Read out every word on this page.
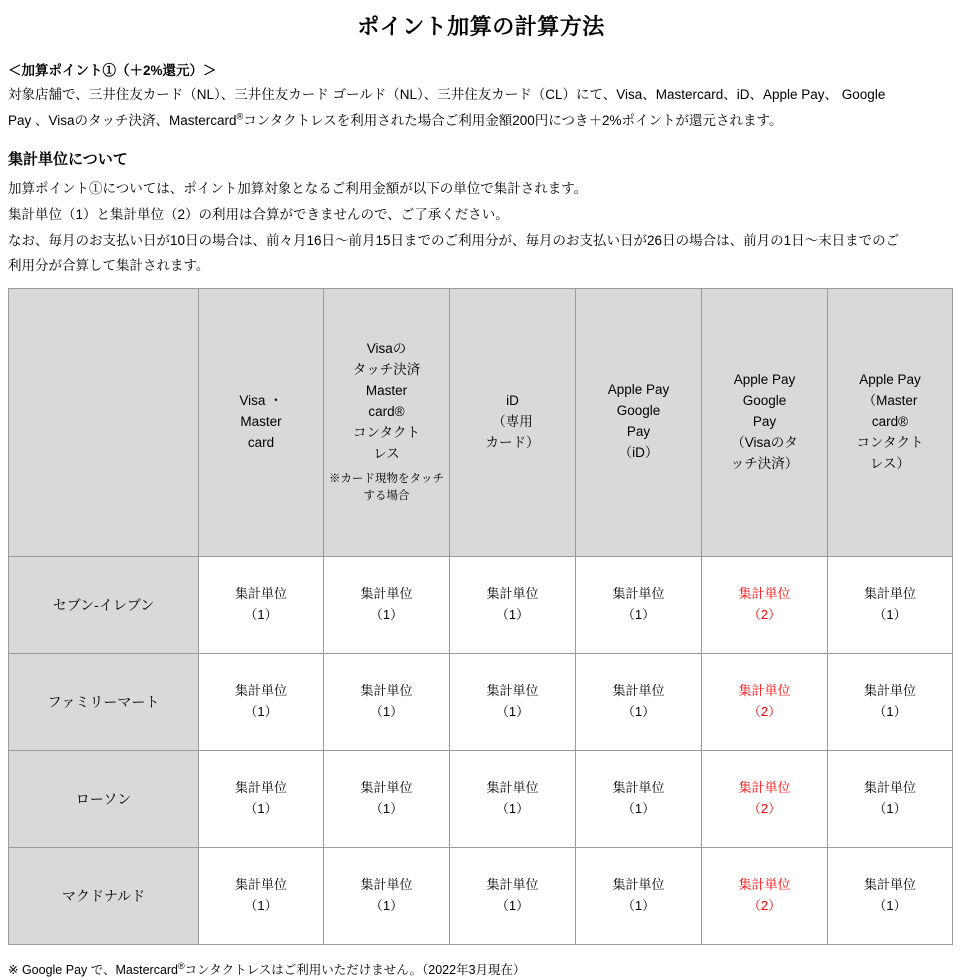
ポイント加算の計算方法
＜加算ポイント①（＋2%還元）＞
対象店舗で、三井住友カード（NL）、三井住友カード ゴールド（NL）、三井住友カード（CL）にて、Visa、Mastercard、iD、Apple Pay、 Google
Pay 、Visaのタッチ決済、Mastercard®コンタクトレスを利用された場合ご利用金額200円につき＋2%ポイントが還元されます。
集計単位について
加算ポイント①については、ポイント加算対象となるご利用金額が以下の単位で集計されます。
集計単位（1）と集計単位（2）の利用は合算ができませんので、ご了承ください。
なお、毎月のお支払い日が10日の場合は、前々月16日〜前月15日までのご利用分が、毎月のお支払い日が26日の場合は、前月の1日〜末日までのご
利用分が合算して集計されます。
	Visa ・
Master
card	Visaの
タッチ決済
Master
card®
コンタクト
レス
※カード現物をタッチする場合
	iD
（専用
カード）	Apple Pay
Google
Pay
（iD）	Apple Pay
Google
Pay
（Visaのタ
ッチ決済）	Apple Pay
（Master
card®
コンタクト
レス）
セブン-イレブン	集計単位
（1）	集計単位
（1）	集計単位
（1）	集計単位
（1）	集計単位
（2）	集計単位
（1）

ファミリーマート	集計単位
（1）	集計単位
（1）	集計単位
（1）	集計単位
（1）	集計単位
（2）	集計単位
（1）

ローソン	集計単位
（1）	集計単位
（1）	集計単位
（1）	集計単位
（1）	集計単位
（2）	集計単位
（1）

マクドナルド	集計単位
（1）	集計単位
（1）	集計単位
（1）	集計単位
（1）	集計単位
（2）	集計単位
（1）
※ Google Pay で、Mastercard®コンタクトレスはご利用いただけません。（2022年3月現在）
